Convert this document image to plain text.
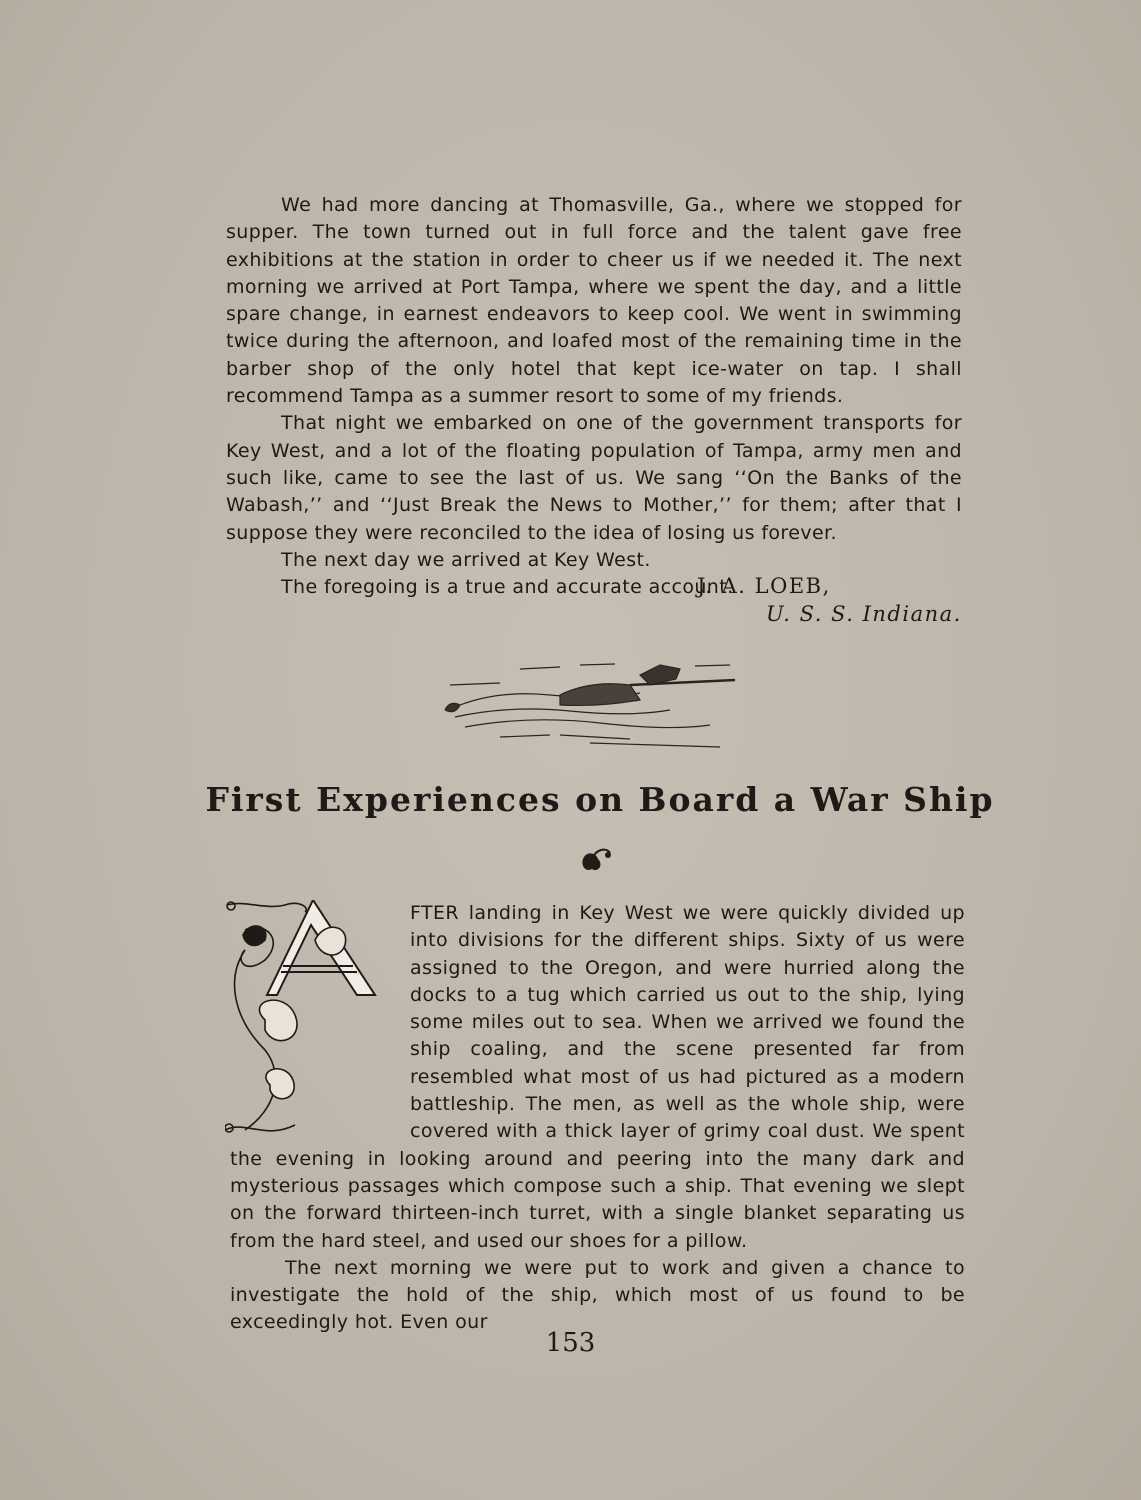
We had more dancing at Thomasville, Ga., where we stopped for supper. The town turned out in full force and the talent gave free exhibitions at the station in order to cheer us if we needed it. The next morning we arrived at Port Tampa, where we spent the day, and a little spare change, in earnest endeavors to keep cool. We went in swimming twice during the afternoon, and loafed most of the remaining time in the barber shop of the only hotel that kept ice-water on tap. I shall recommend Tampa as a summer resort to some of my friends.

That night we embarked on one of the government transports for Key West, and a lot of the floating population of Tampa, army men and such like, came to see the last of us. We sang ‘‘On the Banks of the Wabash,’’ and ‘‘Just Break the News to Mother,’’ for them; after that I suppose they were reconciled to the idea of losing us forever.

The next day we arrived at Key West.

The foregoing is a true and accurate account.

J. A. LOEB,
U. S. S. Indiana.
First Experiences on Board a War Ship
A
FTER landing in Key West we were quickly divided up into divisions for the different ships. Sixty of us were assigned to the Oregon, and were hurried along the docks to a tug which carried us out to the ship, lying some miles out to sea. When we arrived we found the ship coaling, and the scene presented far from resembled what most of us had pictured as a modern battleship. The men, as well as the whole ship, were covered with a thick layer of grimy coal dust. We spent the evening in looking around and peering into the many dark and mysterious passages which compose such a ship. That evening we slept on the forward thirteen-inch turret, with a single blanket separating us from the hard steel, and used our shoes for a pillow.
The next morning we were put to work and given a chance to investigate the hold of the ship, which most of us found to be exceedingly hot. Even our
153
